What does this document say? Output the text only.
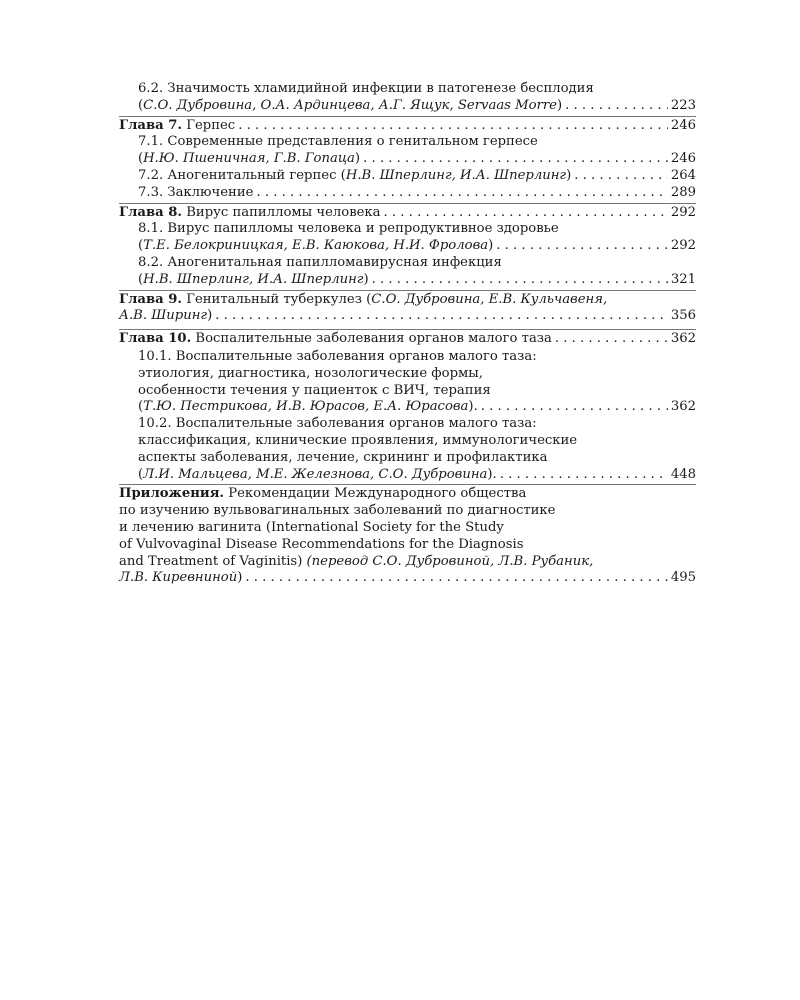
6.2. Значимость хламидийной инфекции в патогенезе бесплодия
( С.О. Дубровина, О.А. Ардинцева, А.Г. Ящук, Servaas Morre ) . . .	223
Глава 7.
Герпес . . .	246
7.1. Современные представления о генитальном герпесе
( Н.Ю. Пшеничная, Г.В. Гопаца ) . . .	246
7.2. Аногенитальный герпес ( Н.В. Шперлинг, И.А. Шперлинг ) . . .	264
7.3. Заключение . . .	289
Глава 8.
Вирус папилломы человека . . .	292
8.1. Вирус папилломы человека и репродуктивное здоровье
( Т.Е. Белокриницкая, Е.В. Каюкова, Н.И. Фролова ) . . .	292
8.2. Аногенитальная папилломавирусная инфекция
( Н.В. Шперлинг, И.А. Шперлинг ) . . .	321
Глава 9.
Генитальный туберкулез ( С.О. Дубровина, Е.В. Кульчавеня,
А.В. Ширинг ) . . .	356
Глава 10.
Воспалительные заболевания органов малого таза . . .	362
10.1. Воспалительные заболевания органов малого таза:
этиология, диагностика, нозологические формы,
особенности течения у пациенток с ВИЧ, терапия
( Т.Ю. Пестрикова, И.В. Юрасов, Е.А. Юрасова ). . . .	362
10.2. Воспалительные заболевания органов малого таза:
классификация, клинические проявления, иммунологические
аспекты заболевания, лечение, скрининг и профилактика
( Л.И. Мальцева, М.Е. Железнова, С.О. Дубровина ). . . .	448
Приложения.
Рекомендации Международного общества
по изучению вульвовагинальных заболеваний по диагностике
и лечению вагинита (International Society for the Study
of Vulvovaginal Disease Recommendations for the Diagnosis
and Treatment of Vaginitis) (перевод С.О. Дубровиной, Л.В. Рубаник,
Л.В. Киревниной ) . . .	495
